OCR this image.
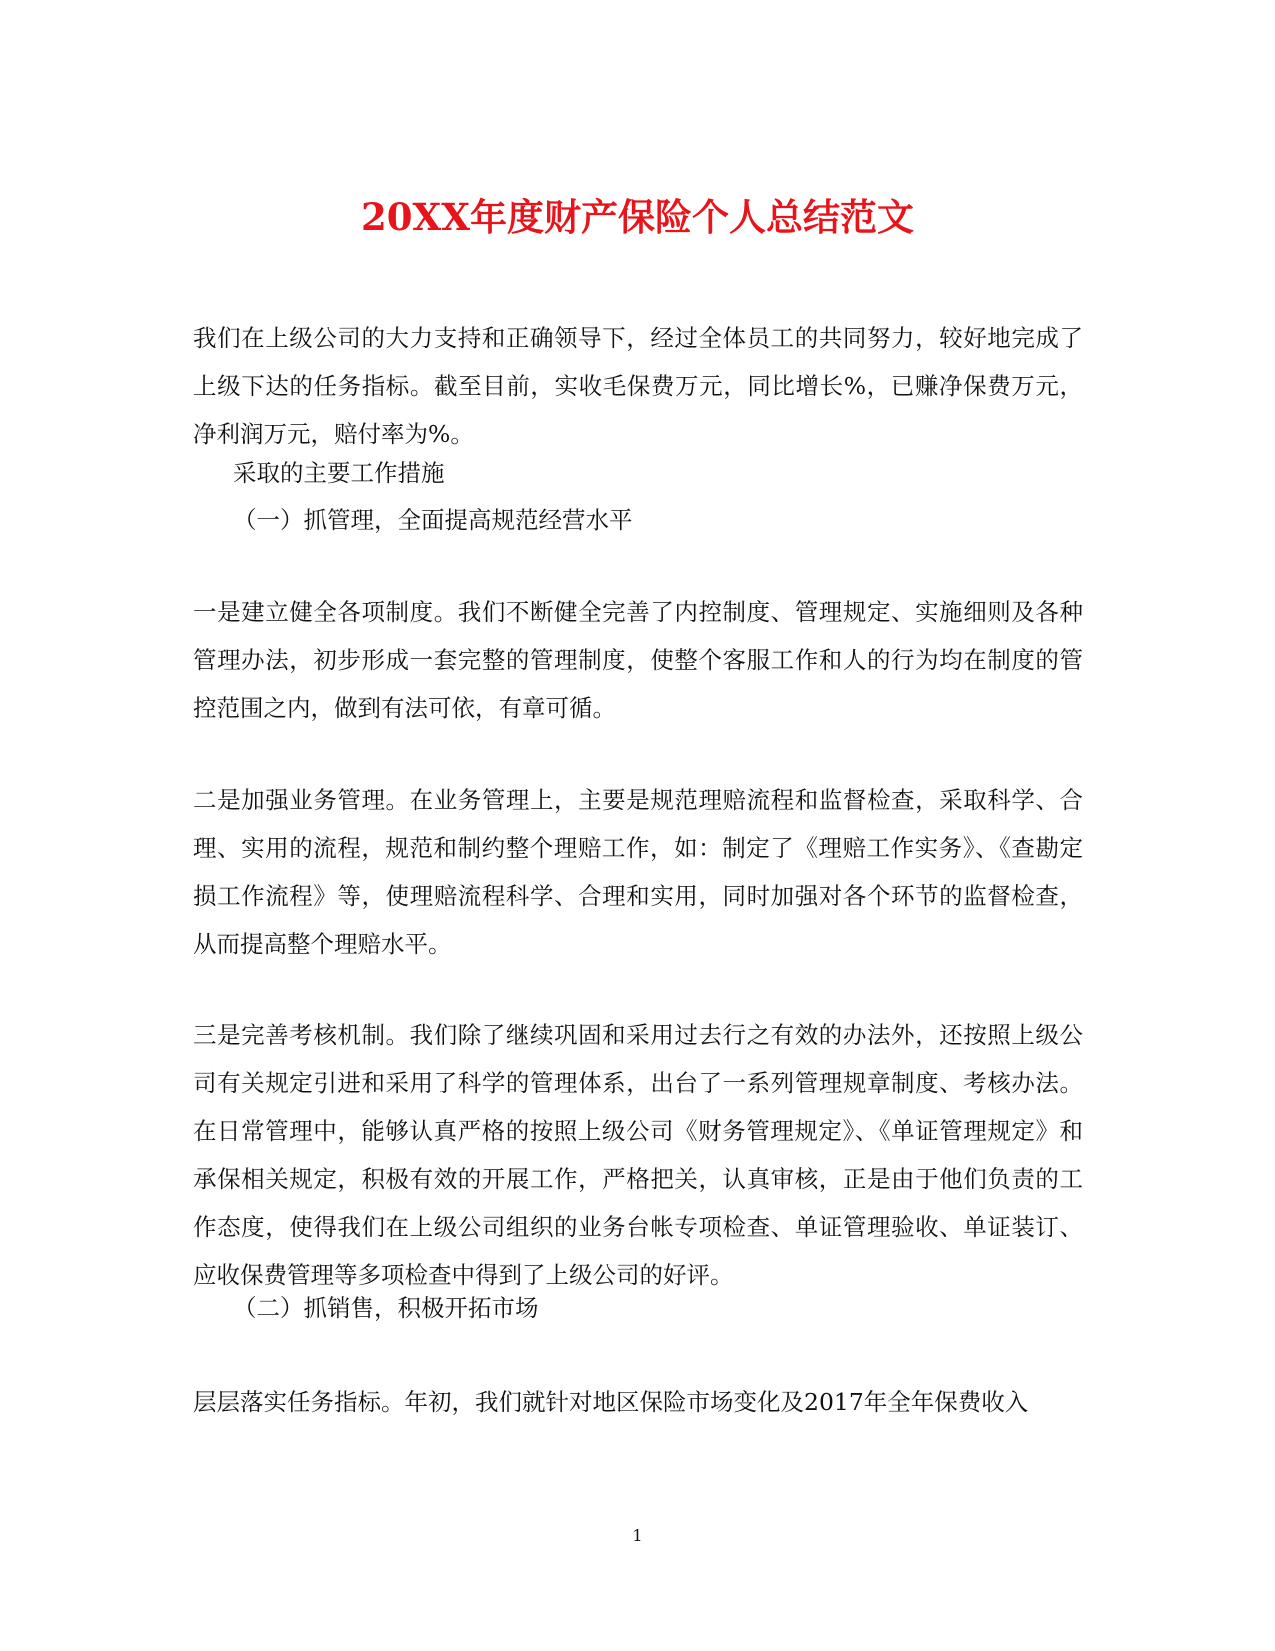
20XX年度财产保险个人总结范文

我们在上级公司的大力支持和正确领导下，经过全体员工的共同努力，较好地完成了上级下达的任务指标。截至目前，实收毛保费万元，同比增长%，已赚净保费万元，净利润万元，赔付率为%。

采取的主要工作措施

（一）抓管理，全面提高规范经营水平

一是建立健全各项制度。我们不断健全完善了内控制度、管理规定、实施细则及各种管理办法，初步形成一套完整的管理制度，使整个客服工作和人的行为均在制度的管控范围之内，做到有法可依，有章可循。

二是加强业务管理。在业务管理上，主要是规范理赔流程和监督检查，采取科学、合理、实用的流程，规范和制约整个理赔工作，如：制定了《理赔工作实务》、《查勘定损工作流程》等，使理赔流程科学、合理和实用，同时加强对各个环节的监督检查，从而提高整个理赔水平。

三是完善考核机制。我们除了继续巩固和采用过去行之有效的办法外，还按照上级公司有关规定引进和采用了科学的管理体系，出台了一系列管理规章制度、考核办法。在日常管理中，能够认真严格的按照上级公司《财务管理规定》、《单证管理规定》和承保相关规定，积极有效的开展工作，严格把关，认真审核，正是由于他们负责的工作态度，使得我们在上级公司组织的业务台帐专项检查、单证管理验收、单证装订、应收保费管理等多项检查中得到了上级公司的好评。

（二）抓销售，积极开拓市场

层层落实任务指标。年初，我们就针对地区保险市场变化及2017年全年保费收入

1
